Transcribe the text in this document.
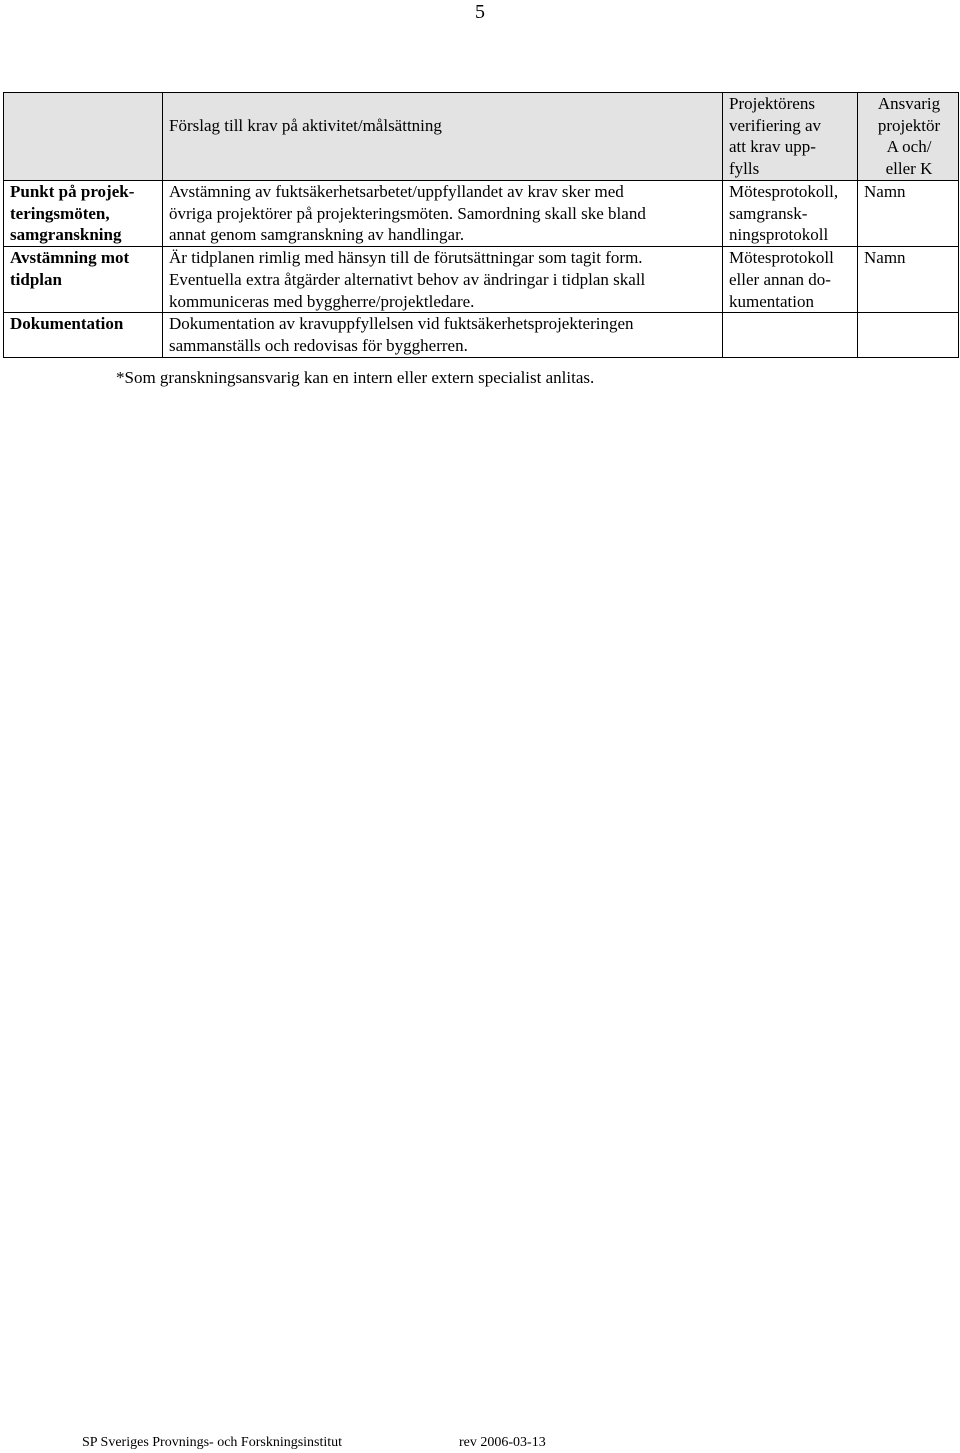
5

	Förslag till krav på aktivitet/målsättning	Projektörens
verifiering av
att krav upp-
fylls	Ansvarig
projektör
A och/
eller K

Punkt på projek-
teringsmöten,
samgranskning	Avstämning av fuktsäkerhetsarbetet/uppfyllandet av krav sker med
övriga projektörer på projekteringsmöten. Samordning skall ske bland
annat genom samgranskning av handlingar.	Mötesprotokoll,
samgransk-
ningsprotokoll	Namn

Avstämning mot
tidplan	Är tidplanen rimlig med hänsyn till de förutsättningar som tagit form.
Eventuella extra åtgärder alternativt behov av ändringar i tidplan skall
kommuniceras med byggherre/projektledare.	Mötesprotokoll
eller annan do-
kumentation	Namn

Dokumentation	Dokumentation av kravuppfyllelsen vid fuktsäkerhetsprojekteringen
sammanställs och redovisas för byggherren.		

*Som granskningsansvarig kan en intern eller extern specialist anlitas.
SP Sveriges Provnings- och Forskningsinstitut	rev 2006-03-13
